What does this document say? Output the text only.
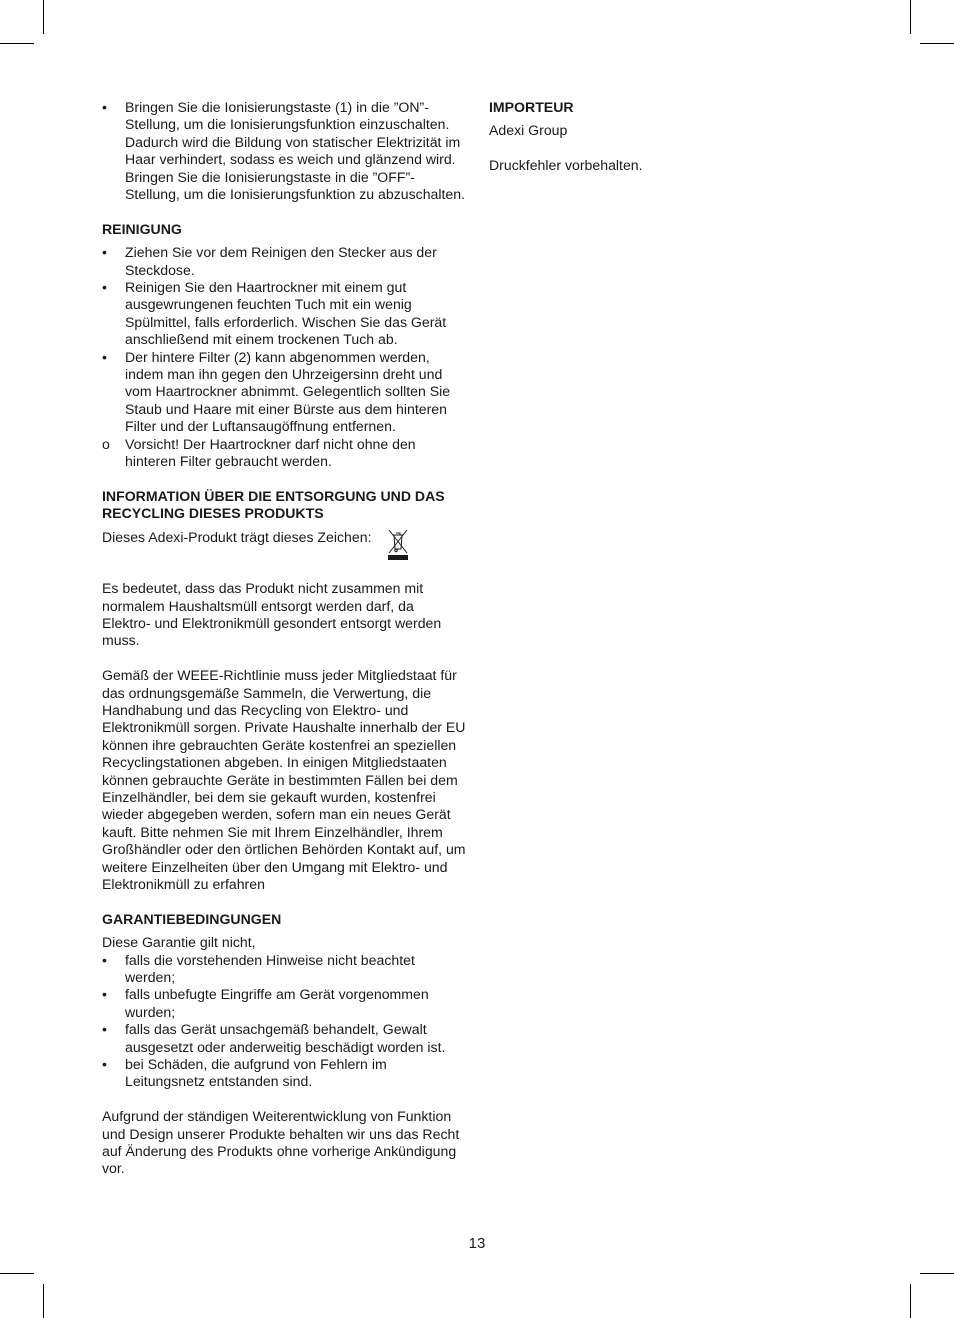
•	Bringen Sie die Ionisierungstaste (1) in die ”ON”-Stellung, um die Ionisierungsfunktion einzuschalten. Dadurch wird die Bildung von statischer Elektrizität im Haar verhindert, sodass es weich und glänzend wird. Bringen Sie die Ionisierungstaste in die ”OFF”-Stellung, um die Ionisierungsfunktion zu abzuschalten.

REINIGUNG

•	Ziehen Sie vor dem Reinigen den Stecker aus der Steckdose.
•	Reinigen Sie den Haartrockner mit einem gut ausgewrungenen feuchten Tuch mit ein wenig Spülmittel, falls erforderlich. Wischen Sie das Gerät anschließend mit einem trockenen Tuch ab.
•	Der hintere Filter (2) kann abgenommen werden, indem man ihn gegen den Uhrzeigersinn dreht und vom Haartrockner abnimmt. Gelegentlich sollten Sie Staub und Haare mit einer Bürste aus dem hinteren Filter und der Luftansaugöffnung entfernen.
o	Vorsicht! Der Haartrockner darf nicht ohne den hinteren Filter gebraucht werden.

INFORMATION ÜBER DIE ENTSORGUNG UND DAS RECYCLING DIESES PRODUKTS

Dieses Adexi-Produkt trägt dieses Zeichen:

Es bedeutet, dass das Produkt nicht zusammen mit normalem Haushaltsmüll entsorgt werden darf, da Elektro- und Elektronikmüll gesondert entsorgt werden muss.

Gemäß der WEEE-Richtlinie muss jeder Mitgliedstaat für das ordnungsgemäße Sammeln, die Verwertung, die Handhabung und das Recycling von Elektro- und Elektronikmüll sorgen. Private Haushalte innerhalb der EU können ihre gebrauchten Geräte kostenfrei an speziellen Recyclingstationen abgeben. In einigen Mitgliedstaaten können gebrauchte Geräte in bestimmten Fällen bei dem Einzelhändler, bei dem sie gekauft wurden, kostenfrei wieder abgegeben werden, sofern man ein neues Gerät kauft. Bitte nehmen Sie mit Ihrem Einzelhändler, Ihrem Großhändler oder den örtlichen Behörden Kontakt auf, um weitere Einzelheiten über den Umgang mit Elektro- und Elektronikmüll zu erfahren

GARANTIEBEDINGUNGEN

Diese Garantie gilt nicht,

•	falls die vorstehenden Hinweise nicht beachtet werden;
•	falls unbefugte Eingriffe am Gerät vorgenommen wurden;
•	falls das Gerät unsachgemäß behandelt, Gewalt ausgesetzt oder anderweitig beschädigt worden ist.
•	bei Schäden, die aufgrund von Fehlern im Leitungsnetz entstanden sind.

Aufgrund der ständigen Weiterentwicklung von Funktion und Design unserer Produkte behalten wir uns das Recht auf Änderung des Produkts ohne vorherige Ankündigung vor.

IMPORTEUR

Adexi Group

Druckfehler vorbehalten.

13
